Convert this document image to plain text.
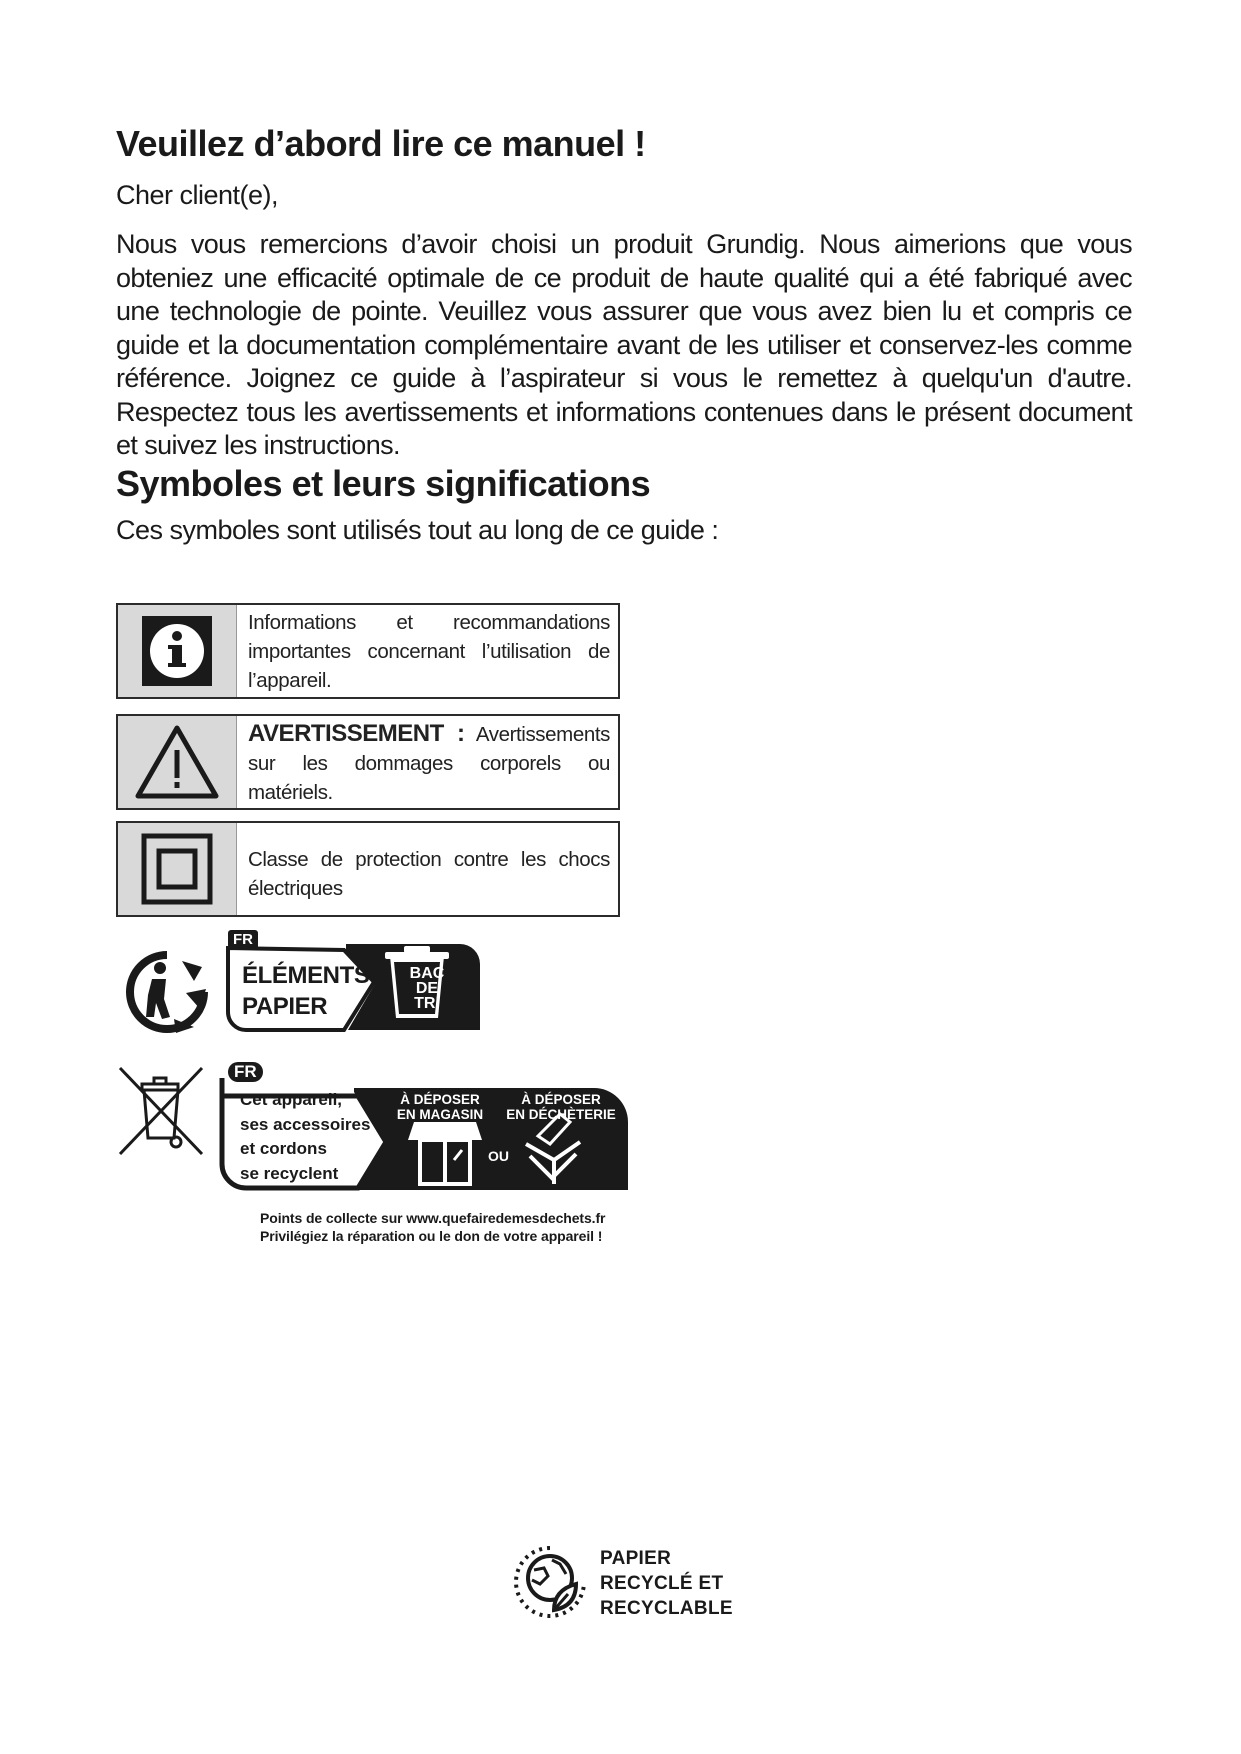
Veuillez d’abord lire ce manuel !

Cher client(e),

Nous vous remercions d’avoir choisi un produit Grundig. Nous aimerions que vous obteniez une efficacité optimale de ce produit de haute qualité qui a été fabriqué avec une technologie de pointe. Veuillez vous assurer que vous avez bien lu et compris ce guide et la documentation complémentaire avant de les utiliser et conservez-les comme référence. Joignez ce guide à l’aspirateur si vous le remettez à quelqu'un d'autre. Respectez tous les avertissements et informations contenues dans le présent document et suivez les instructions.

Symboles et leurs significations

Ces symboles sont utilisés tout au long de ce guide :

Informations et recommandations importantes concernant l’utilisation de l’appareil.
AVERTISSEMENT : Avertissements sur les dommages corporels ou matériels.
Classe de protection contre les chocs électriques
FR
ÉLÉMENTS
PAPIER
BAC
DE
TRI
FR
Cet appareil,
ses accessoires
et cordons
se recyclent
À DÉPOSER
EN MAGASIN
À DÉPOSER
EN DÉCHÈTERIE
OU

Points de collecte sur www.quefairedemesdechets.fr
Privilégiez la réparation ou le don de votre appareil !

PAPIER
RECYCLÉ ET
RECYCLABLE
